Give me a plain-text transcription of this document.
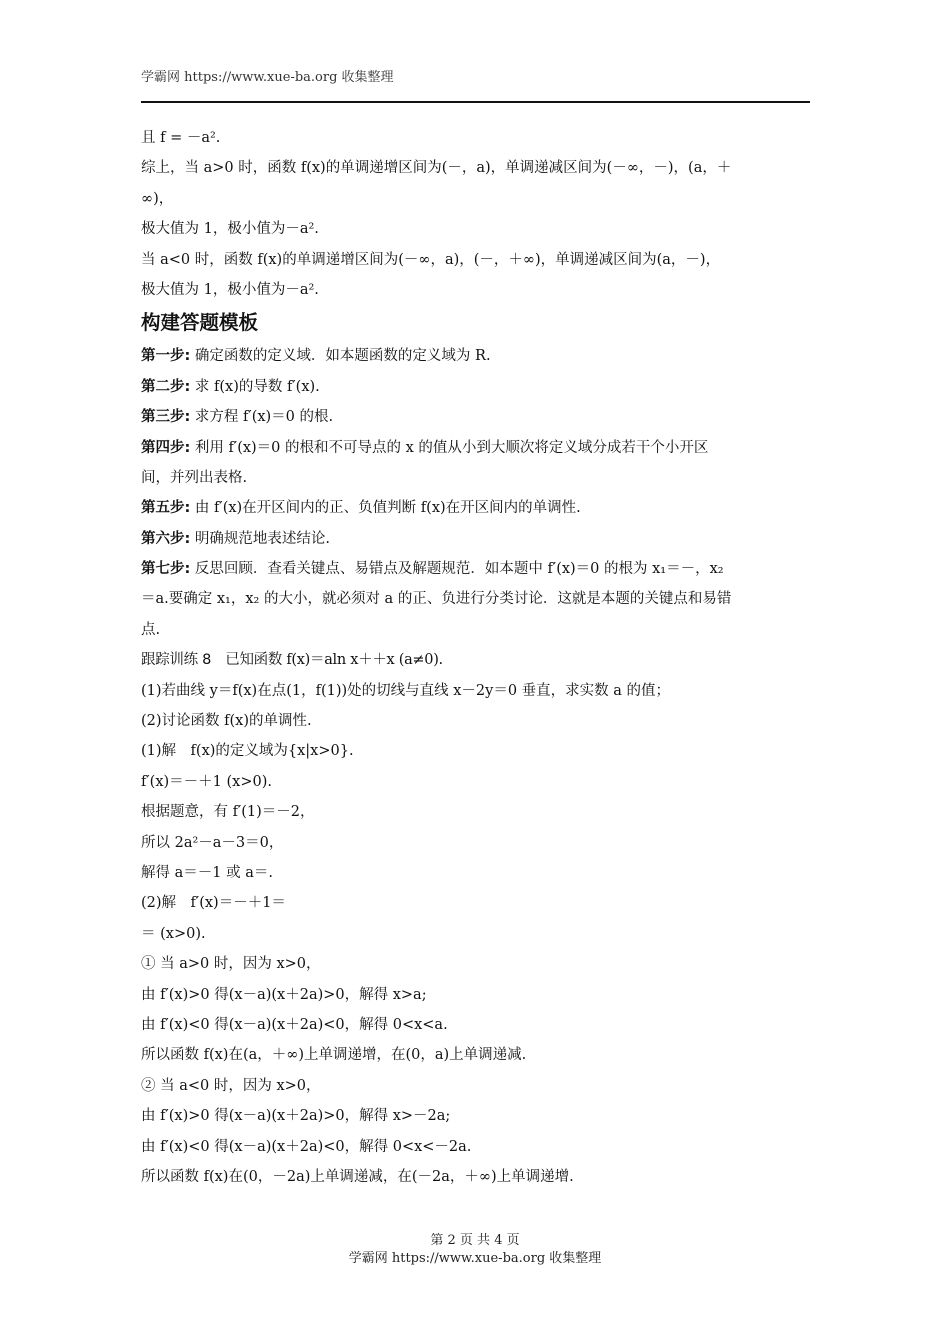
学霸网 https://www.xue-ba.org 收集整理
且 f = －a².
综上，当 a>0 时，函数 f(x)的单调递增区间为(－，a)，单调递减区间为(－∞，－)，(a，＋
∞)，
极大值为 1，极小值为－a².
当 a<0 时，函数 f(x)的单调递增区间为(－∞，a)，(－，＋∞)，单调递减区间为(a，－)，
极大值为 1，极小值为－a².
构建答题模板
第一步: 确定函数的定义域．如本题函数的定义域为 R.
第二步: 求 f(x)的导数 f′(x).
第三步: 求方程 f′(x)＝0 的根.
第四步: 利用 f′(x)＝0 的根和不可导点的 x 的值从小到大顺次将定义域分成若干个小开区
间，并列出表格.
第五步: 由 f′(x)在开区间内的正、负值判断 f(x)在开区间内的单调性.
第六步: 明确规范地表述结论.
第七步: 反思回顾．查看关键点、易错点及解题规范．如本题中 f′(x)＝0 的根为 x₁＝－，x₂
＝a.要确定 x₁，x₂ 的大小，就必须对 a 的正、负进行分类讨论．这就是本题的关键点和易错
点.
跟踪训练 8　 已知函数 f(x)＝aln x＋＋x (a≠0).
(1)若曲线 y＝f(x)在点(1，f(1))处的切线与直线 x－2y＝0 垂直，求实数 a 的值；
(2)讨论函数 f(x)的单调性.
(1)解　f(x)的定义域为{x|x>0}.
f′(x)＝－＋1 (x>0).
根据题意，有 f′(1)＝－2，
所以 2a²－a－3＝0，
解得 a＝－1 或 a＝.
(2)解　f′(x)＝－＋1＝
＝ (x>0).
① 当 a>0 时，因为 x>0，
由 f′(x)>0 得(x－a)(x＋2a)>0，解得 x>a;
由 f′(x)<0 得(x－a)(x＋2a)<0，解得 0<x<a.
所以函数 f(x)在(a，＋∞)上单调递增，在(0，a)上单调递减.
② 当 a<0 时，因为 x>0，
由 f′(x)>0 得(x－a)(x＋2a)>0，解得 x>－2a;
由 f′(x)<0 得(x－a)(x＋2a)<0，解得 0<x<－2a.
所以函数 f(x)在(0，－2a)上单调递减，在(－2a，＋∞)上单调递增.
第 2 页 共 4 页
学霸网 https://www.xue-ba.org 收集整理
